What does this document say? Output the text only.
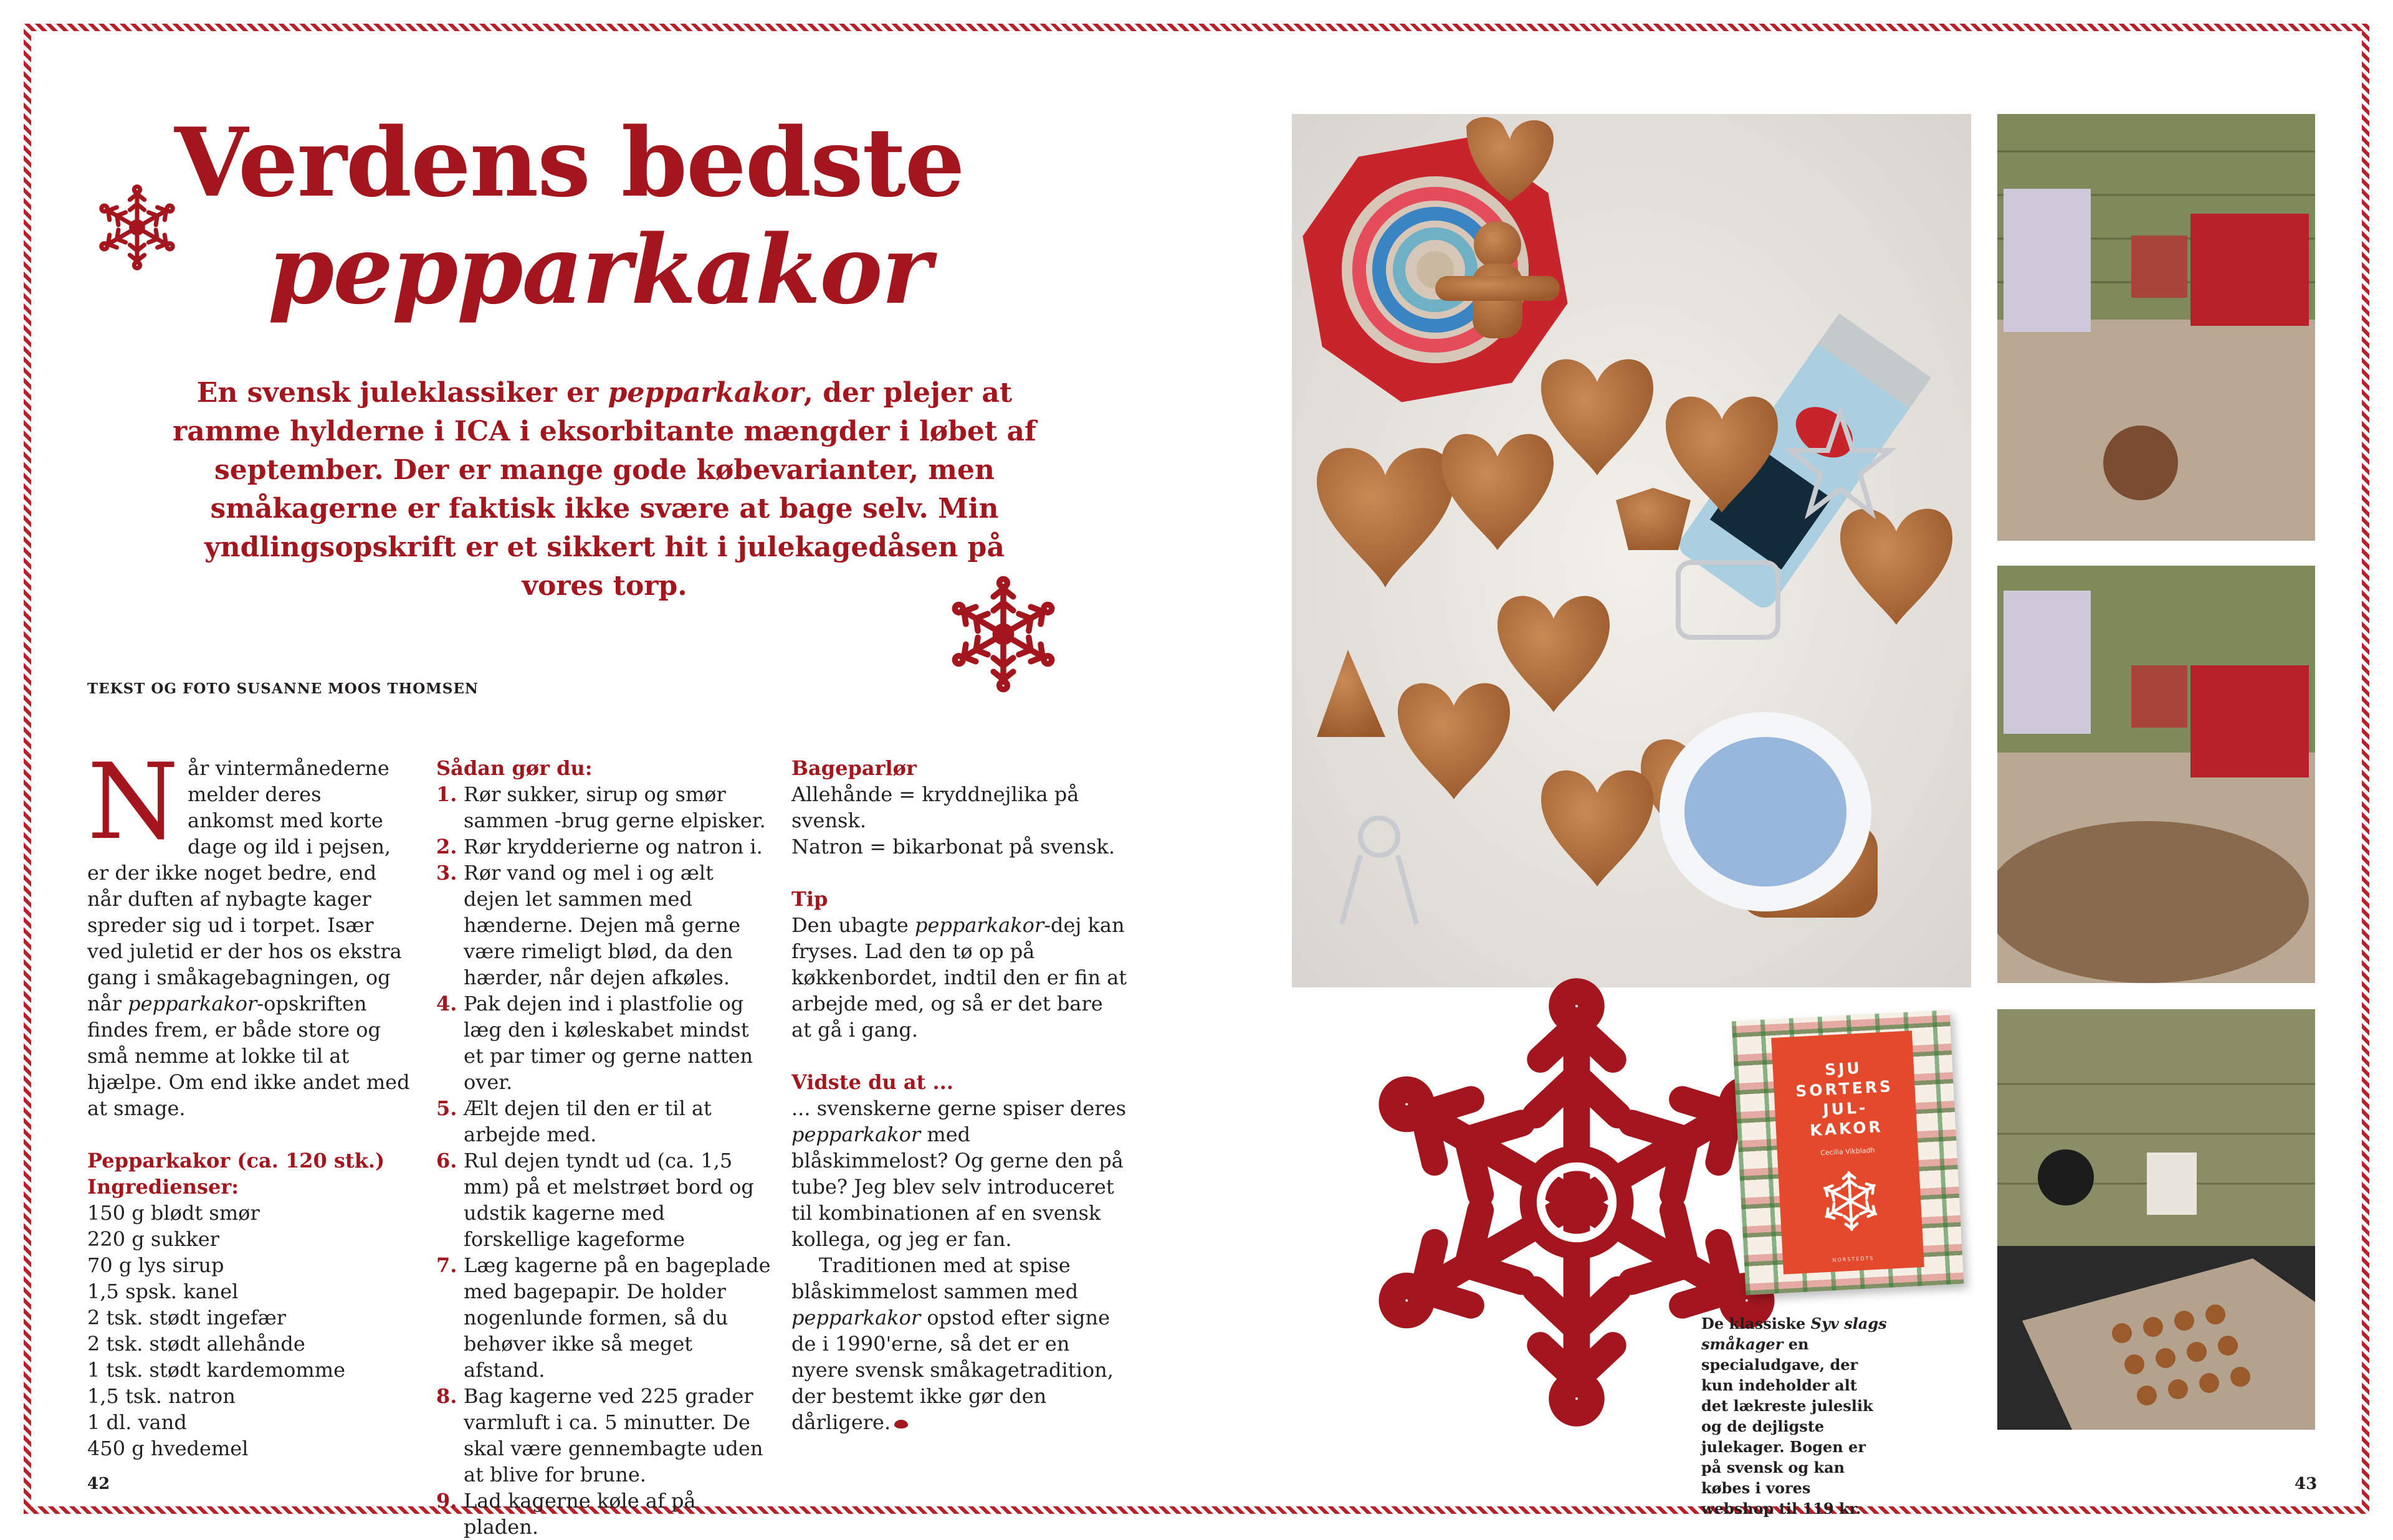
Verdens bedste
pepparkakor

En svensk juleklassiker er pepparkakor, der plejer at ramme hylderne i ICA i eksorbitante mængder i løbet af september. Der er mange gode købevarianter, men småkagerne er faktisk ikke svære at bage selv. Min yndlingsopskrift er et sikkert hit i julekagedåsen på vores torp.

TEKST OG FOTO SUSANNE MOOS THOMSEN

Når vintermånederne melder deres ankomst med korte dage og ild i pejsen, er der ikke noget bedre, end når duften af nybagte kager spreder sig ud i torpet. Især ved juletid er der hos os ekstra gang i småkagebagningen, og når pepparkakor-opskriften findes frem, er både store og små nemme at lokke til at hjælpe. Om end ikke andet med at smage.

Pepparkakor (ca. 120 stk.)
Ingredienser:
150 g blødt smør
220 g sukker
70 g lys sirup
1,5 spsk. kanel
2 tsk. stødt ingefær
2 tsk. stødt allehånde
1 tsk. stødt kardemomme
1,5 tsk. natron
1 dl. vand
450 g hvedemel
Sådan gør du:
1. Rør sukker, sirup og smør sammen -brug gerne elpisker.
2. Rør krydderierne og natron i.
3. Rør vand og mel i og ælt dejen let sammen med hænderne. Dejen må gerne være rimeligt blød, da den hærder, når dejen afkøles.
4. Pak dejen ind i plastfolie og læg den i køleskabet mindst et par timer og gerne natten over.
5. Ælt dejen til den er til at arbejde med.
6. Rul dejen tyndt ud (ca. 1,5 mm) på et melstrøet bord og udstik kagerne med forskellige kageforme
7. Læg kagerne på en bageplade med bagepapir. De holder nogenlunde formen, så du behøver ikke så meget afstand.
8. Bag kagerne ved 225 grader varmluft i ca. 5 minutter. De skal være gennembagte uden at blive for brune.
9. Lad kagerne køle af på pladen.
Bageparlør

Allehånde = kryddnejlika på svensk.

Natron = bikarbonat på svensk.

Tip

Den ubagte pepparkakor-dej kan fryses. Lad den tø op på køkkenbordet, indtil den er fin at arbejde med, og så er det bare at gå i gang.

Vidste du at ...

... svenskerne gerne spiser deres pepparkakor med blåskimmelost? Og gerne den på tube? Jeg blev selv introduceret til kombinationen af en svensk kollega, og jeg er fan.

Traditionen med at spise blåskimmelost sammen med pepparkakor opstod efter signe de i 1990'erne, så det er en nyere svensk småkagetradition, der bestemt ikke gør den dårligere.

42
SJU SORTERS JUL-KAKOR
Cecilia Vikbladh
NORSTEDTS
De klassiske Syv slags småkager en specialudgave, der kun indeholder alt det lækreste juleslik og de dejligste julekager. Bogen er på svensk og kan købes i vores webshop til 119 kr.
43
